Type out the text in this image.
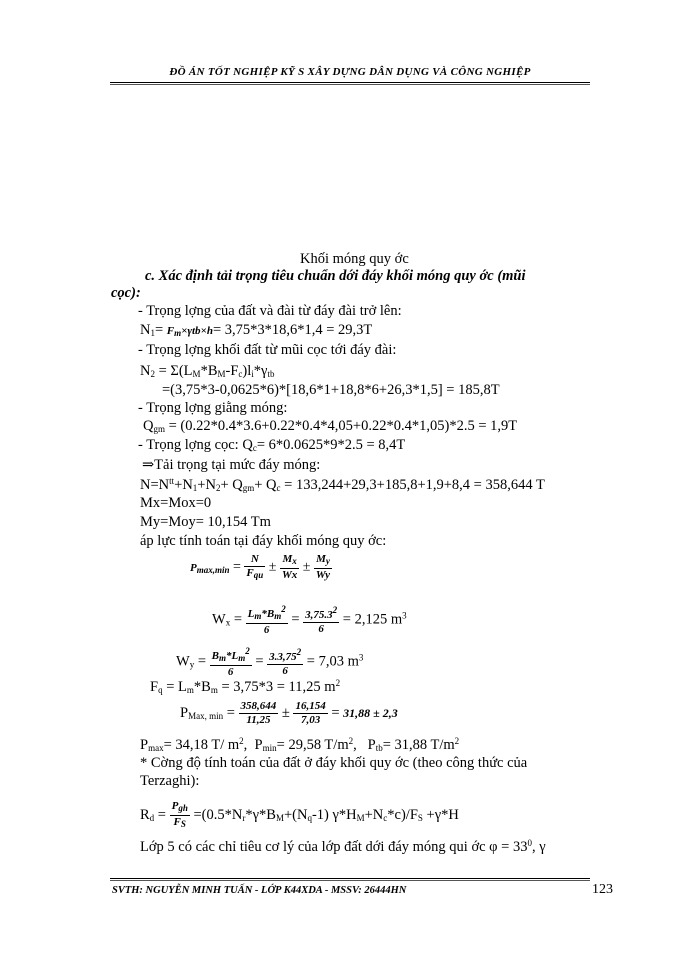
ĐỒ ÁN TỐT NGHIỆP KỸ S XÂY DỰNG DÂN DỤNG VÀ CÔNG NGHIỆP
Khối móng quy ớc
c. Xác định tải trọng tiêu chuẩn dới đáy khối móng quy ớc (mũi
cọc):
- Trọng lợng của đất và đài từ đáy đài trở lên:
$N_1= F_m\times\gamma tb\times h= 3,75*3*18,6*1,4 = 29,3T$
- Trọng lợng khối đất từ mũi cọc tới đáy đài:
$N_2 = \Sigma(L_M*B_M-F_c)l_i*\gamma_{tb}$
=(3,75*3-0,0625*6)*[18,6*1+18,8*6+26,3*1,5] = 185,8T
- Trọng lợng giằng móng:
$Q_{gm} = (0.22*0.4*3.6+0.22*0.4*4,05+0.22*0.4*1,05)*2.5 = 1,9T$
- Trọng lợng cọc: $Q_c= 6*0.0625*9*2.5 = 8,4T$
⇒Tải trọng tại mức đáy móng:
$N=N^{tt}+N_1+N_2+ Q_{gm}+ Q_c = 133,244+29,3+185,8+1,9+8,4 = 358,644$ T
Mx=Mox=0
My=Moy= 10,154 Tm
áp lực tính toán tại đáy khối móng quy ớc:
$P_{max,min} = \frac{N}{F_{qu}} \pm \frac{M_x}{Wx} \pm \frac{M_y}{Wy}$
$W_x = \frac{L_m*B_m^2}{6} = \frac{3,75.3^2}{6} = 2,125$ $m^3$
$W_y = \frac{B_m*L_m^2}{6} = \frac{3.3,75^2}{6} = 7,03$ $m^3$
$F_q = L_m*B_m = 3,75*3 = 11,25$ $m^2$
$P_{Max, min} = \frac{358,644}{11,25} \pm \frac{16,154}{7,03} = 31,88 \pm 2,3$
$P_{max}= 34,18$ T/ $m^2$,  $P_{min}= 29,58$ $T/m^2$,   $P_{tb}= 31,88$ $T/m^2$
* Cờng độ tính toán của đất ở đáy khối quy ớc (theo công thức của
Terzaghi):
$R_d = \frac{P_{gh}}{F_S} =(0.5*N_r*\gamma*B_M+(N_q-1)$ $\gamma*H_M+N_c*c)/F_S +\gamma*H$
Lớp 5 có các chỉ tiêu cơ lý của lớp đất dới đáy móng qui ớc $\varphi = 33^0$, γ
SVTH: NGUYỄN MINH TUẤN - LỚP K44XDA - MSSV: 26444HN	123
